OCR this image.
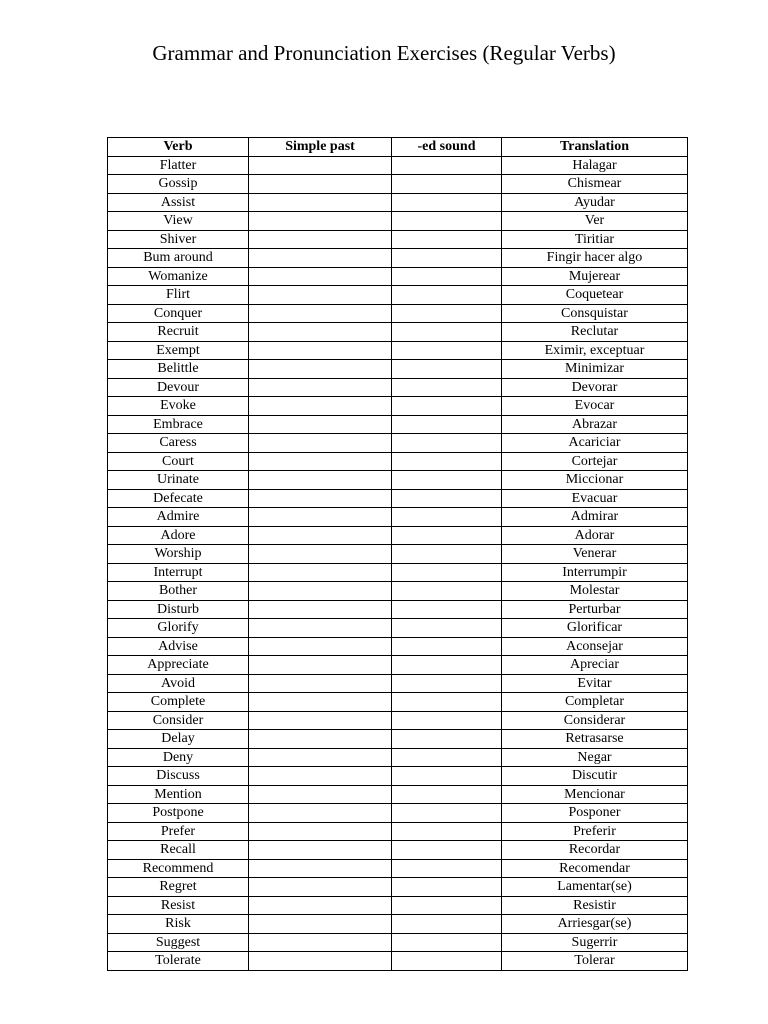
Grammar and Pronunciation Exercises (Regular Verbs)
Verb	Simple past	-ed sound	Translation
Flatter			Halagar
Gossip			Chismear
Assist			Ayudar
View			Ver
Shiver			Tiritiar
Bum around			Fingir hacer algo
Womanize			Mujerear
Flirt			Coquetear
Conquer			Consquistar
Recruit			Reclutar
Exempt			Eximir, exceptuar
Belittle			Minimizar
Devour			Devorar
Evoke			Evocar
Embrace			Abrazar
Caress			Acariciar
Court			Cortejar
Urinate			Miccionar
Defecate			Evacuar
Admire			Admirar
Adore			Adorar
Worship			Venerar
Interrupt			Interrumpir
Bother			Molestar
Disturb			Perturbar
Glorify			Glorificar
Advise			Aconsejar
Appreciate			Apreciar
Avoid			Evitar
Complete			Completar
Consider			Considerar
Delay			Retrasarse
Deny			Negar
Discuss			Discutir
Mention			Mencionar
Postpone			Posponer
Prefer			Preferir
Recall			Recordar
Recommend			Recomendar
Regret			Lamentar(se)
Resist			Resistir
Risk			Arriesgar(se)
Suggest			Sugerrir
Tolerate			Tolerar
